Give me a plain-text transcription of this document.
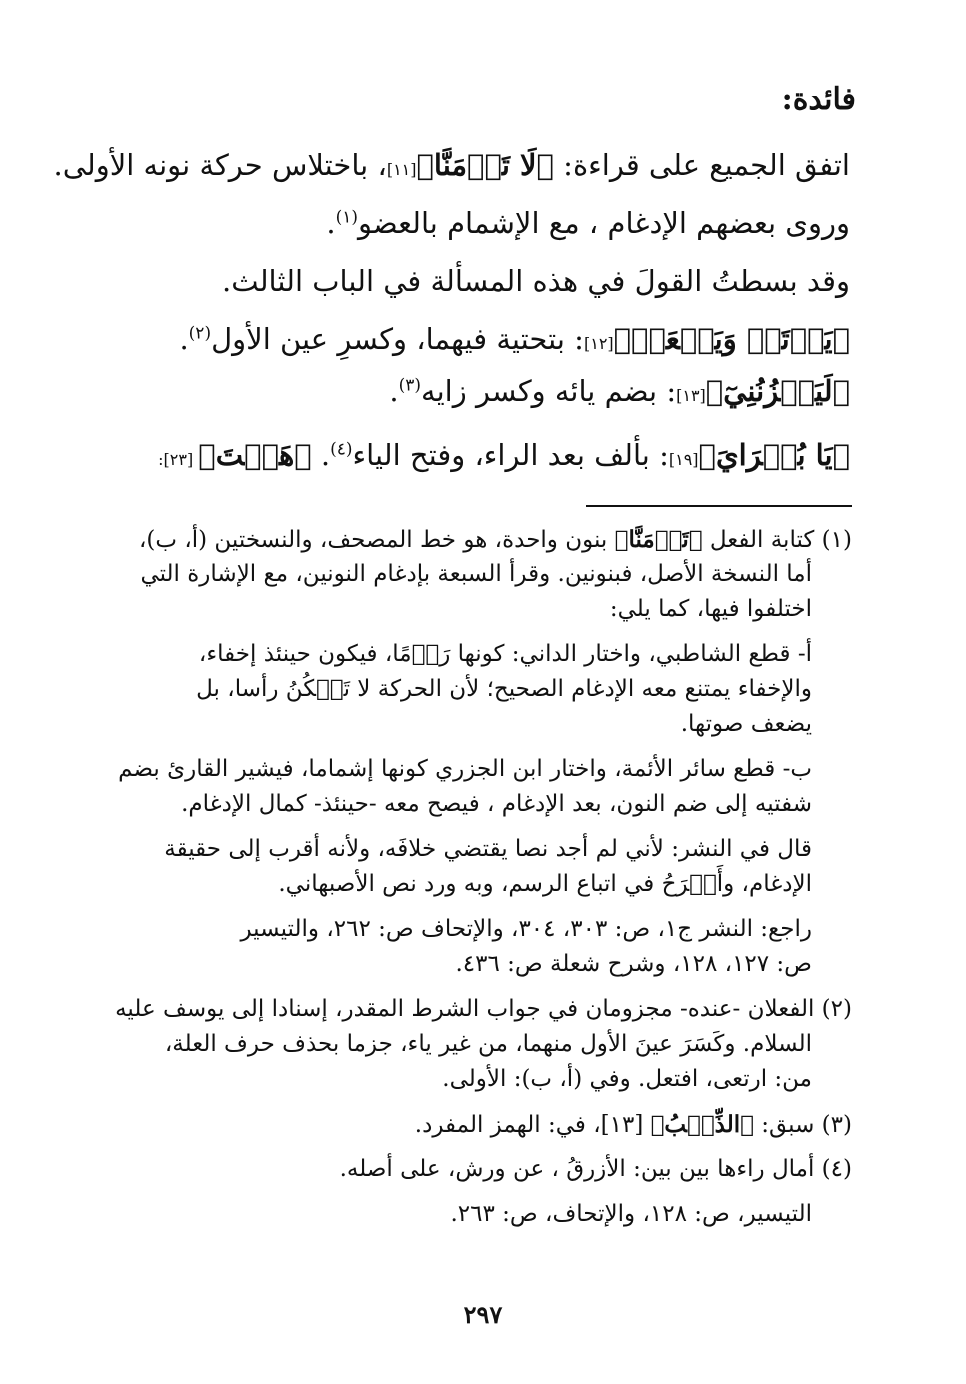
فائدة:
اتفق الجميع على قراءة: ﴿لَا تَأۡمَنَّا﴾[١١]، باختلاس حركة نونه الأولى.
وروى بعضهم الإدغام ، مع الإشمام بالعضو$^{(١)}$.
وقد بسطتُ القولَ في هذه المسألة في الباب الثالث.
﴿يَرۡتَعۡ وَيَلۡعَبۡ﴾[١٢]: بتحتية فيهما، وكسرِ عين الأول$^{(٢)}$.
﴿لَيَحۡزُنُنِيٓ﴾[١٣]: بضم يائه وكسر زايه$^{(٣)}$.
﴿يَا بُشۡرَايَ﴾[١٩]: بألف بعد الراء، وفتح الياء$^{(٤)}$. ﴿هَيۡتَ﴾ [٢٣]:
(١) كتابة الفعل ﴿تَأۡمَنَّا﴾ بنون واحدة، هو خط المصحف، والنسختين (أ، ب)،
أما النسخة الأصل، فبنونين. وقرأ السبعة بإدغام النونين، مع الإشارة التي
اختلفوا فيها، كما يلي:
أ- قطع الشاطبي، واختار الداني: كونها رَوۡمًا، فيكون حينئذ إخفاء،
والإخفاء يمتنع معه الإدغام الصحيح؛ لأن الحركة لا تَسۡكُنُ رأسا، بل
يضعف صوتها.
ب- قطع سائر الأئمة، واختار ابن الجزري كونها إشماما، فيشير القارئ بضم
شفتيه إلى ضم النون، بعد الإدغام ، فيصح معه -حينئذ- كمال الإدغام.
قال في النشر: لأني لم أجد نصا يقتضي خلافَه، ولأنه أقرب إلى حقيقة
الإدغام، وأَصۡرَحُ في اتباع الرسم، وبه ورد نص الأصبهاني.
راجع: النشر ج١، ص: ٣٠٣، ٣٠٤، والإتحاف ص: ٢٦٢، والتيسير
ص: ١٢٧، ١٢٨، وشرح شعلة ص: ٤٣٦.
(٢) الفعلان -عنده- مجزومان في جواب الشرط المقدر، إسنادا إلى يوسف عليه
السلام. وكَسَرَ عينَ الأول منهما، من غير ياء، جزما بحذف حرف العلة،
من: ارتعى، افتعل. وفي (أ، ب): الأولى.
(٣) سبق: ﴿الذِّئۡبُ﴾ [١٣]، في: الهمز المفرد.
(٤) أمال راءها بين بين: الأزرقُ ، عن ورش، على أصله.
التيسير، ص: ١٢٨، والإتحاف، ص: ٢٦٣.
٢٩٧
